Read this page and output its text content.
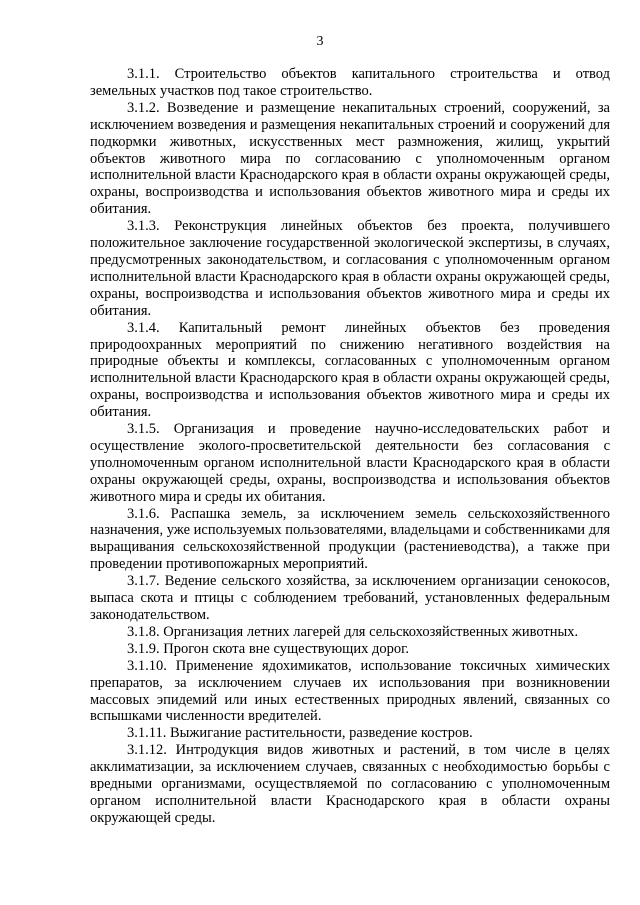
3

3.1.1. Строительство объектов капитального строительства и отвод земельных участков под такое строительство.

3.1.2. Возведение и размещение некапитальных строений, сооружений, за исключением возведения и размещения некапитальных строений и сооружений для подкормки животных, искусственных мест размножения, жилищ, укрытий объектов животного мира по согласованию с уполномоченным органом исполнительной власти Краснодарского края в области охраны окружающей среды, охраны, воспроизводства и использования объектов животного мира и среды их обитания.

3.1.3. Реконструкция линейных объектов без проекта, получившего положительное заключение государственной экологической экспертизы, в случаях, предусмотренных законодательством, и согласования с уполномоченным органом исполнительной власти Краснодарского края в области охраны окружающей среды, охраны, воспроизводства и использования объектов животного мира и среды их обитания.

3.1.4. Капитальный ремонт линейных объектов без проведения природоохранных мероприятий по снижению негативного воздействия на природные объекты и комплексы, согласованных с уполномоченным органом исполнительной власти Краснодарского края в области охраны окружающей среды, охраны, воспроизводства и использования объектов животного мира и среды их обитания.

3.1.5. Организация и проведение научно-исследовательских работ и осуществление эколого-просветительской деятельности без согласования с уполномоченным органом исполнительной власти Краснодарского края в области охраны окружающей среды, охраны, воспроизводства и использования объектов животного мира и среды их обитания.

3.1.6. Распашка земель, за исключением земель сельскохозяйственного назначения, уже используемых пользователями, владельцами и собственниками для выращивания сельскохозяйственной продукции (растениеводства), а также при проведении противопожарных мероприятий.

3.1.7. Ведение сельского хозяйства, за исключением организации сенокосов, выпаса скота и птицы с соблюдением требований, установленных федеральным законодательством.

3.1.8. Организация летних лагерей для сельскохозяйственных животных.

3.1.9. Прогон скота вне существующих дорог.

3.1.10. Применение ядохимикатов, использование токсичных химических препаратов, за исключением случаев их использования при возникновении массовых эпидемий или иных естественных природных явлений, связанных со вспышками численности вредителей.

3.1.11. Выжигание растительности, разведение костров.

3.1.12. Интродукция видов животных и растений, в том числе в целях акклиматизации, за исключением случаев, связанных с необходимостью борьбы с вредными организмами, осуществляемой по согласованию с уполномоченным органом исполнительной власти Краснодарского края в области охраны окружающей среды.
